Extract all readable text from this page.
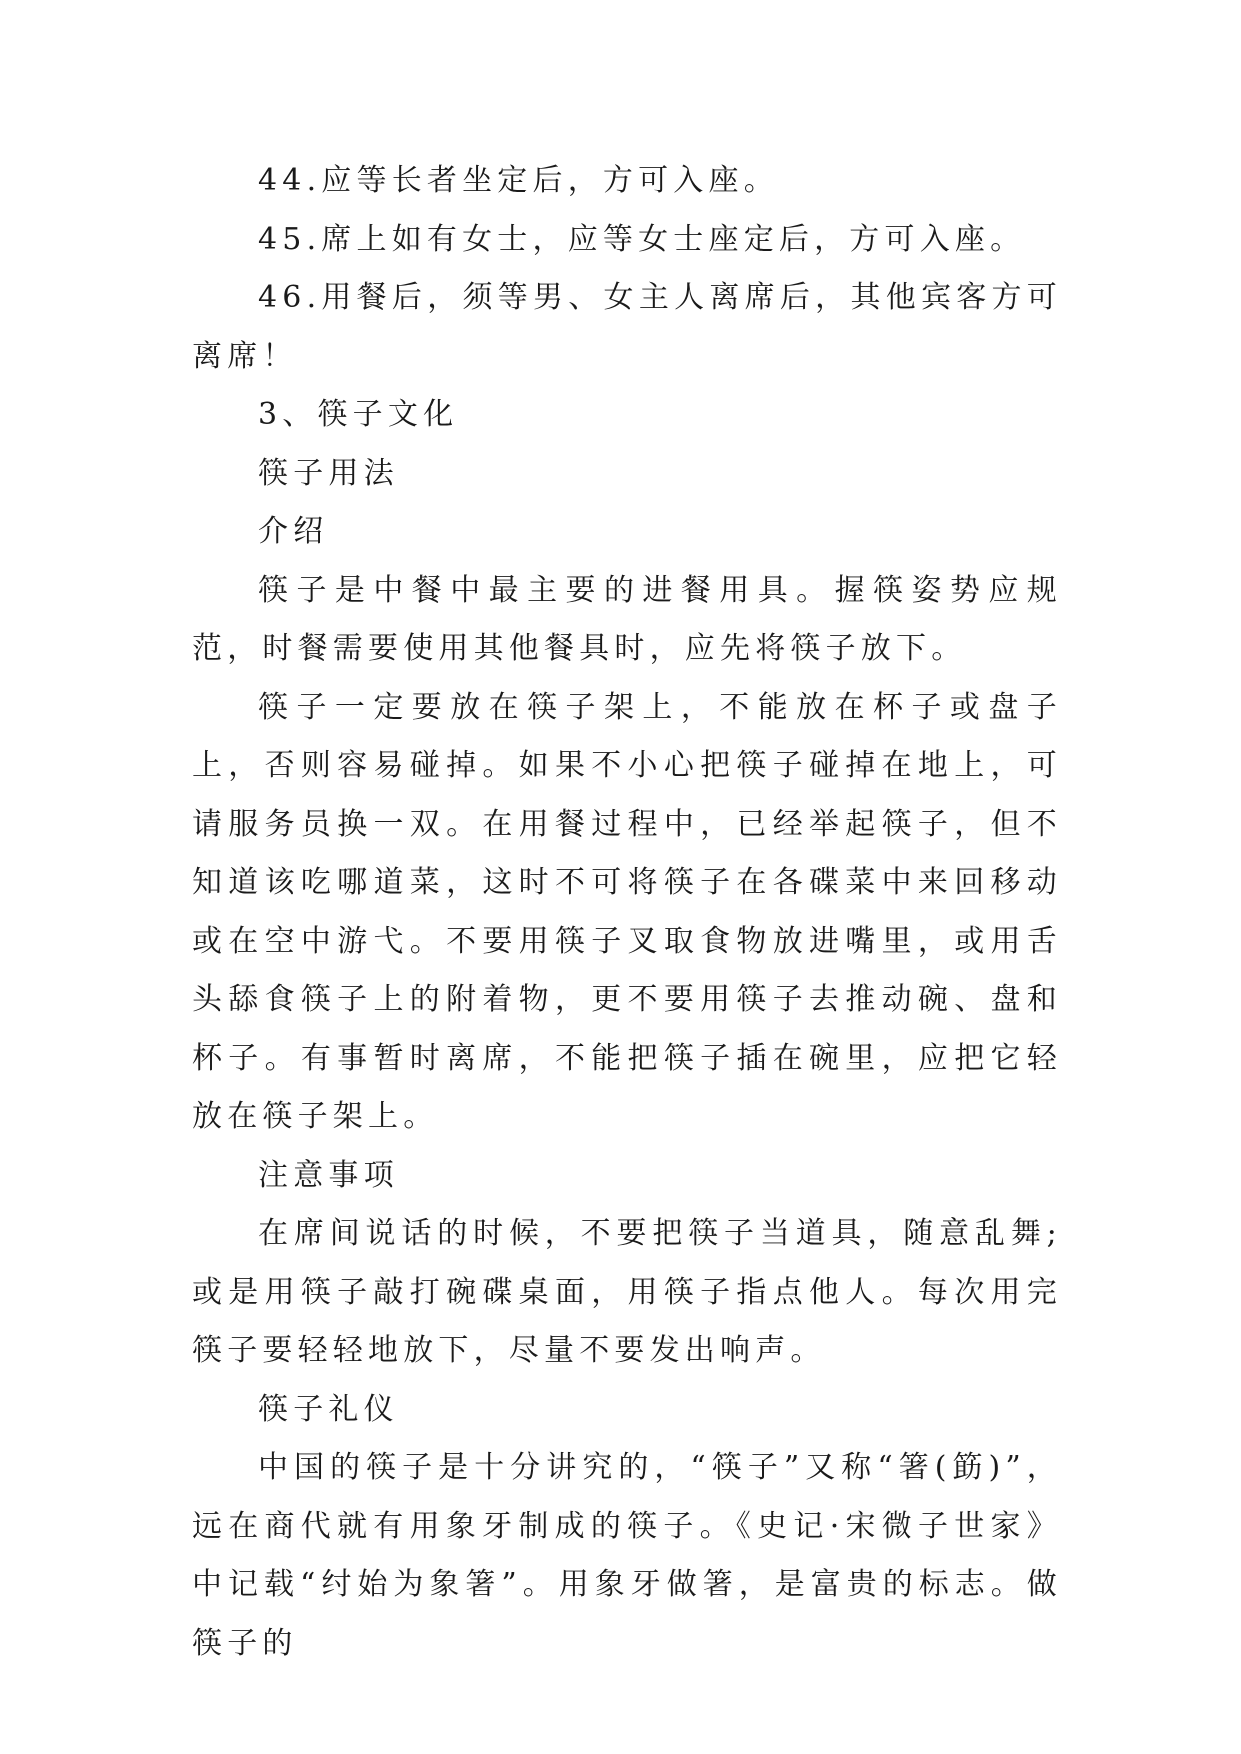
44.应等长者坐定后，方可入座。

45.席上如有女士，应等女士座定后，方可入座。

46.用餐后，须等男、女主人离席后，其他宾客方可离席！

3、筷子文化

筷子用法

介绍

筷子是中餐中最主要的进餐用具。握筷姿势应规范，时餐需要使用其他餐具时，应先将筷子放下。

筷子一定要放在筷子架上，不能放在杯子或盘子上，否则容易碰掉。如果不小心把筷子碰掉在地上，可请服务员换一双。在用餐过程中，已经举起筷子，但不知道该吃哪道菜，这时不可将筷子在各碟菜中来回移动或在空中游弋。不要用筷子叉取食物放进嘴里，或用舌头舔食筷子上的附着物，更不要用筷子去推动碗、盘和杯子。有事暂时离席，不能把筷子插在碗里，应把它轻放在筷子架上。

注意事项

在席间说话的时候，不要把筷子当道具，随意乱舞;或是用筷子敲打碗碟桌面，用筷子指点他人。每次用完筷子要轻轻地放下，尽量不要发出响声。

筷子礼仪

中国的筷子是十分讲究的，“筷子”又称“箸(筯)”，远在商代就有用象牙制成的筷子。《史记·宋微子世家》中记载“纣始为象箸”。用象牙做箸，是富贵的标志。做筷子的
